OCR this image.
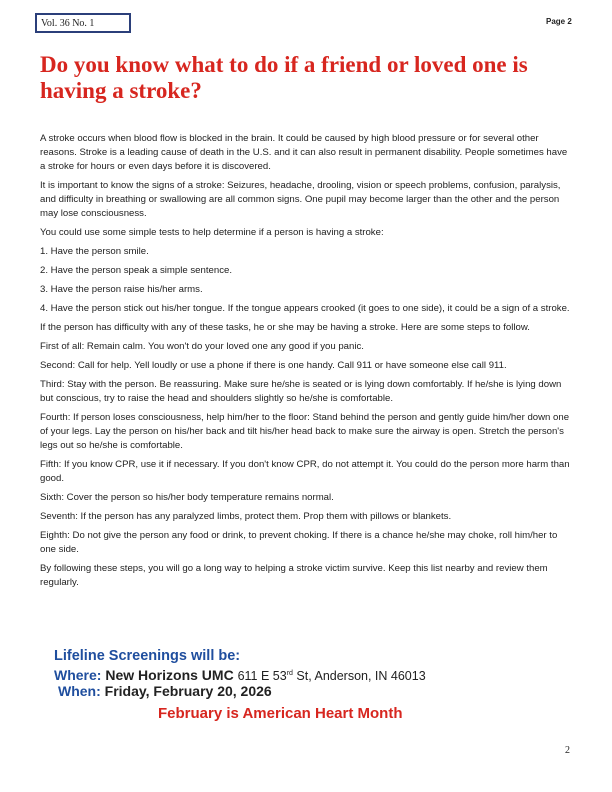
Vol. 36 No. 1	Page 2
Do you know what to do if a friend or loved one is having a stroke?

A stroke occurs when blood flow is blocked in the brain. It could be caused by high blood pressure or for several other reasons. Stroke is a leading cause of death in the U.S. and it can also result in permanent disability. People sometimes have a stroke for hours or even days before it is discovered.

It is important to know the signs of a stroke: Seizures, headache, drooling, vision or speech problems, confusion, paralysis, and difficulty in breathing or swallowing are all common signs. One pupil may become larger than the other and the person may lose consciousness.

You could use some simple tests to help determine if a person is having a stroke:

1. Have the person smile.

2. Have the person speak a simple sentence.

3. Have the person raise his/her arms.

4. Have the person stick out his/her tongue. If the tongue appears crooked (it goes to one side), it could be a sign of a stroke.

If the person has difficulty with any of these tasks, he or she may be having a stroke. Here are some steps to follow.

First of all: Remain calm. You won't do your loved one any good if you panic.

Second: Call for help. Yell loudly or use a phone if there is one handy. Call 911 or have someone else call 911.

Third: Stay with the person. Be reassuring. Make sure he/she is seated or is lying down comfortably. If he/she is lying down but conscious, try to raise the head and shoulders slightly so he/she is comfortable.

Fourth: If person loses consciousness, help him/her to the floor: Stand behind the person and gently guide him/her down one of your legs. Lay the person on his/her back and tilt his/her head back to make sure the airway is open. Stretch the person's legs out so he/she is comfortable.

Fifth: If you know CPR, use it if necessary. If you don't know CPR, do not attempt it. You could do the person more harm than good.

Sixth: Cover the person so his/her body temperature remains normal.

Seventh: If the person has any paralyzed limbs, protect them. Prop them with pillows or blankets.

Eighth: Do not give the person any food or drink, to prevent choking. If there is a chance he/she may choke, roll him/her to one side.

By following these steps, you will go a long way to helping a stroke victim survive. Keep this list nearby and review them regularly.

Lifeline Screenings will be:

Where: New Horizons UMC 611 E 53rd St, Anderson, IN 46013
When: Friday, February 20, 2026

February is American Heart Month

2
